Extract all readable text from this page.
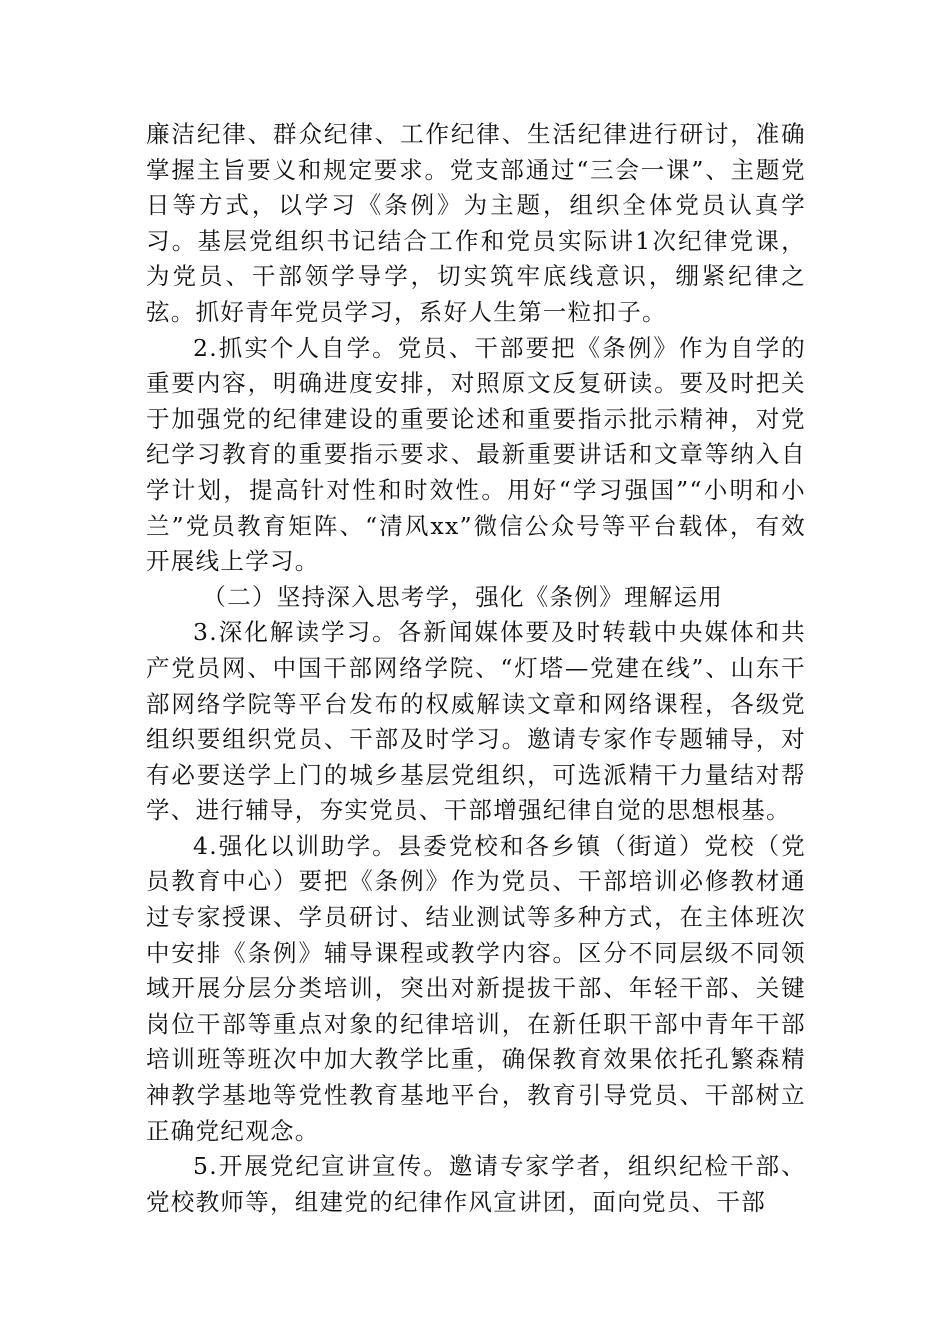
廉洁纪律、群众纪律、工作纪律、生活纪律进行研讨，准确掌握主旨要义和规定要求。党支部通过“三会一课”、主题党日等方式，以学习《条例》为主题，组织全体党员认真学习。基层党组织书记结合工作和党员实际讲1次纪律党课，为党员、干部领学导学，切实筑牢底线意识，绷紧纪律之弦。抓好青年党员学习，系好人生第一粒扣子。

2.抓实个人自学。党员、干部要把《条例》作为自学的重要内容，明确进度安排，对照原文反复研读。要及时把关于加强党的纪律建设的重要论述和重要指示批示精神，对党纪学习教育的重要指示要求、最新重要讲话和文章等纳入自学计划，提高针对性和时效性。用好“学习强国”“小明和小兰”党员教育矩阵、“清风xx”微信公众号等平台载体，有效开展线上学习。

（二）坚持深入思考学，强化《条例》理解运用

3.深化解读学习。各新闻媒体要及时转载中央媒体和共产党员网、中国干部网络学院、“灯塔—党建在线”、山东干部网络学院等平台发布的权威解读文章和网络课程，各级党组织要组织党员、干部及时学习。邀请专家作专题辅导，对有必要送学上门的城乡基层党组织，可选派精干力量结对帮学、进行辅导，夯实党员、干部增强纪律自觉的思想根基。

4.强化以训助学。县委党校和各乡镇（街道）党校（党员教育中心）要把《条例》作为党员、干部培训必修教材通过专家授课、学员研讨、结业测试等多种方式，在主体班次中安排《条例》辅导课程或教学内容。区分不同层级不同领域开展分层分类培训，突出对新提拔干部、年轻干部、关键岗位干部等重点对象的纪律培训，在新任职干部中青年干部培训班等班次中加大教学比重，确保教育效果依托孔繁森精神教学基地等党性教育基地平台，教育引导党员、干部树立正确党纪观念。

5.开展党纪宣讲宣传。邀请专家学者，组织纪检干部、党校教师等，组建党的纪律作风宣讲团，面向党员、干部
